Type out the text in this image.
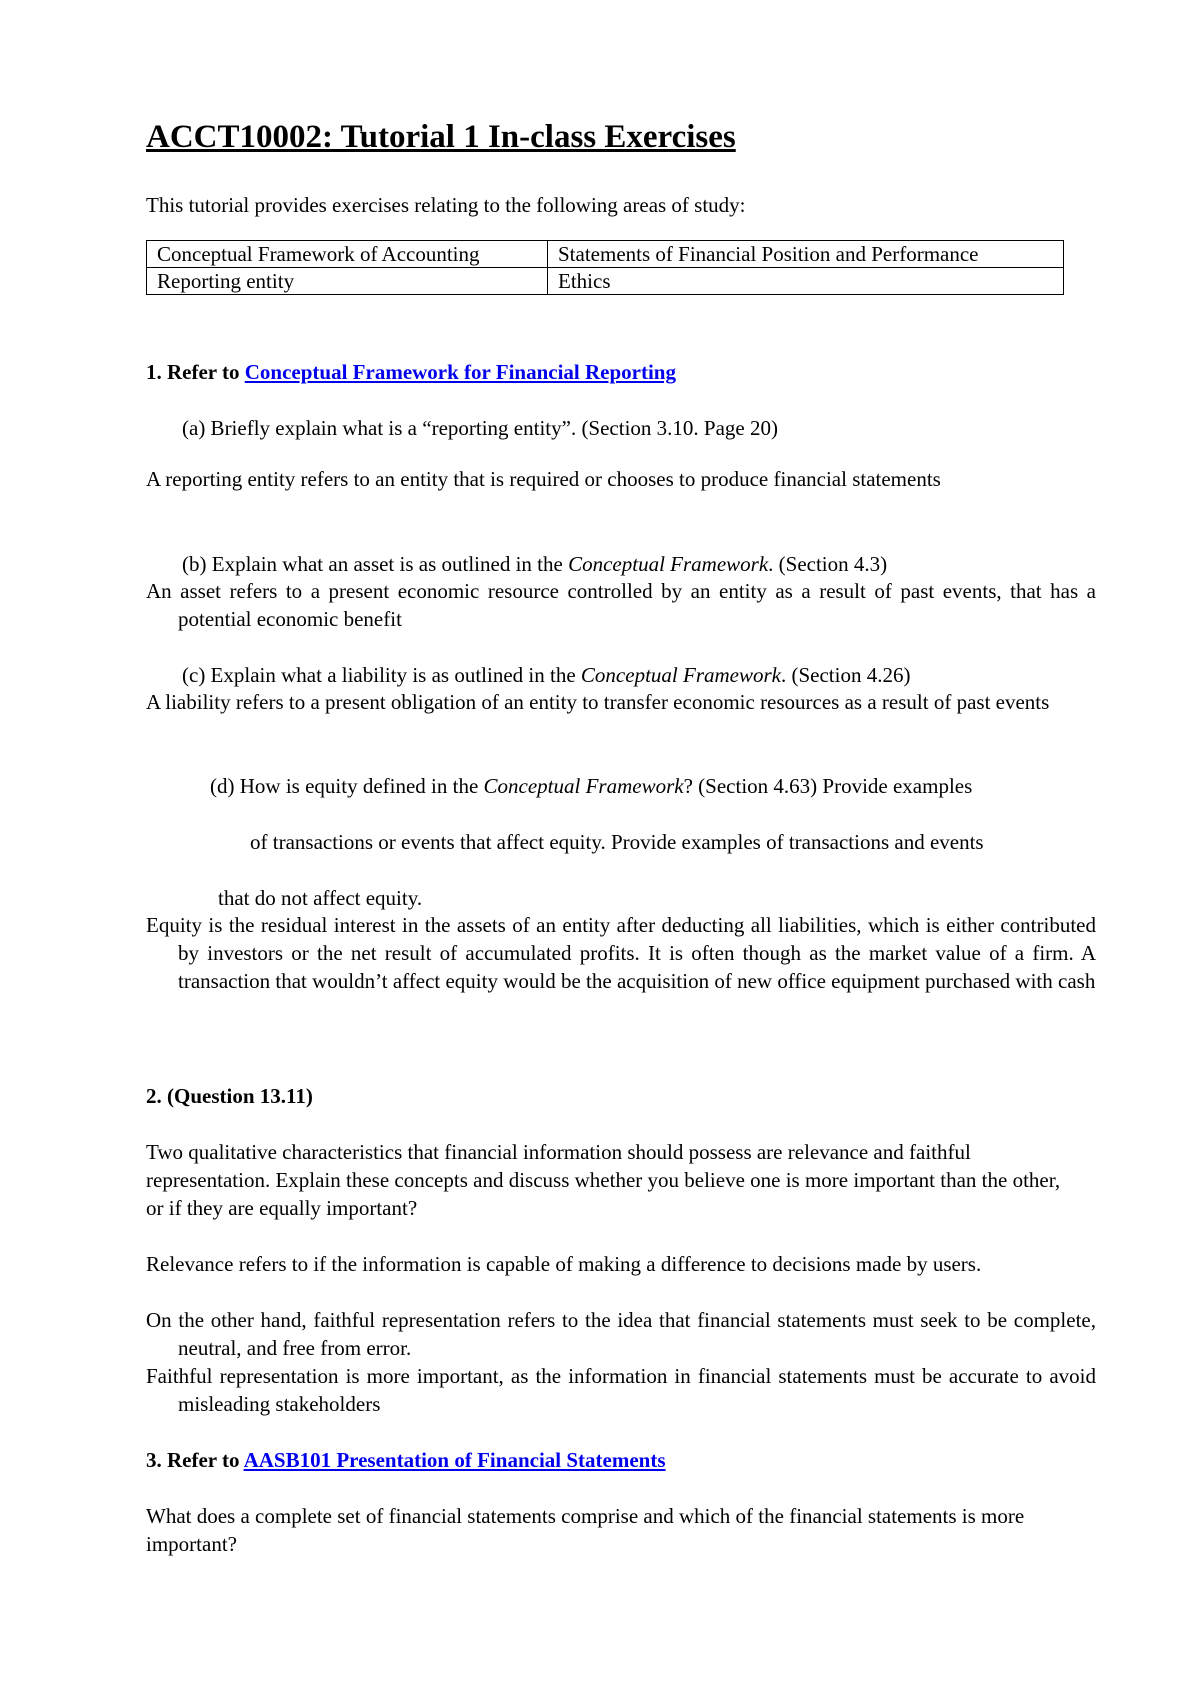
ACCT10002: Tutorial 1 In-class Exercises

This tutorial provides exercises relating to the following areas of study:

Conceptual Framework of Accounting	Statements of Financial Position and Performance
Reporting entity	Ethics

1. Refer to Conceptual Framework for Financial Reporting

(a) Briefly explain what is a “reporting entity”. (Section 3.10. Page 20)

A reporting entity refers to an entity that is required or chooses to produce financial statements

(b) Explain what an asset is as outlined in the Conceptual Framework. (Section 4.3)

An asset refers to a present economic resource controlled by an entity as a result of past events, that has a potential economic benefit

(c) Explain what a liability is as outlined in the Conceptual Framework. (Section 4.26)

A liability refers to a present obligation of an entity to transfer economic resources as a result of past events

(d) How is equity defined in the Conceptual Framework? (Section 4.63) Provide examples

of transactions or events that affect equity. Provide examples of transactions and events

that do not affect equity.

Equity is the residual interest in the assets of an entity after deducting all liabilities, which is either contributed by investors or the net result of accumulated profits. It is often though as the market value of a firm. A transaction that wouldn’t affect equity would be the acquisition of new office equipment purchased with cash

2. (Question 13.11)

Two qualitative characteristics that financial information should possess are relevance and faithful representation. Explain these concepts and discuss whether you believe one is more important than the other, or if they are equally important?

Relevance refers to if the information is capable of making a difference to decisions made by users.

On the other hand, faithful representation refers to the idea that financial statements must seek to be complete, neutral, and free from error.

Faithful representation is more important, as the information in financial statements must be accurate to avoid misleading stakeholders

3. Refer to AASB101 Presentation of Financial Statements

What does a complete set of financial statements comprise and which of the financial statements is more important?
